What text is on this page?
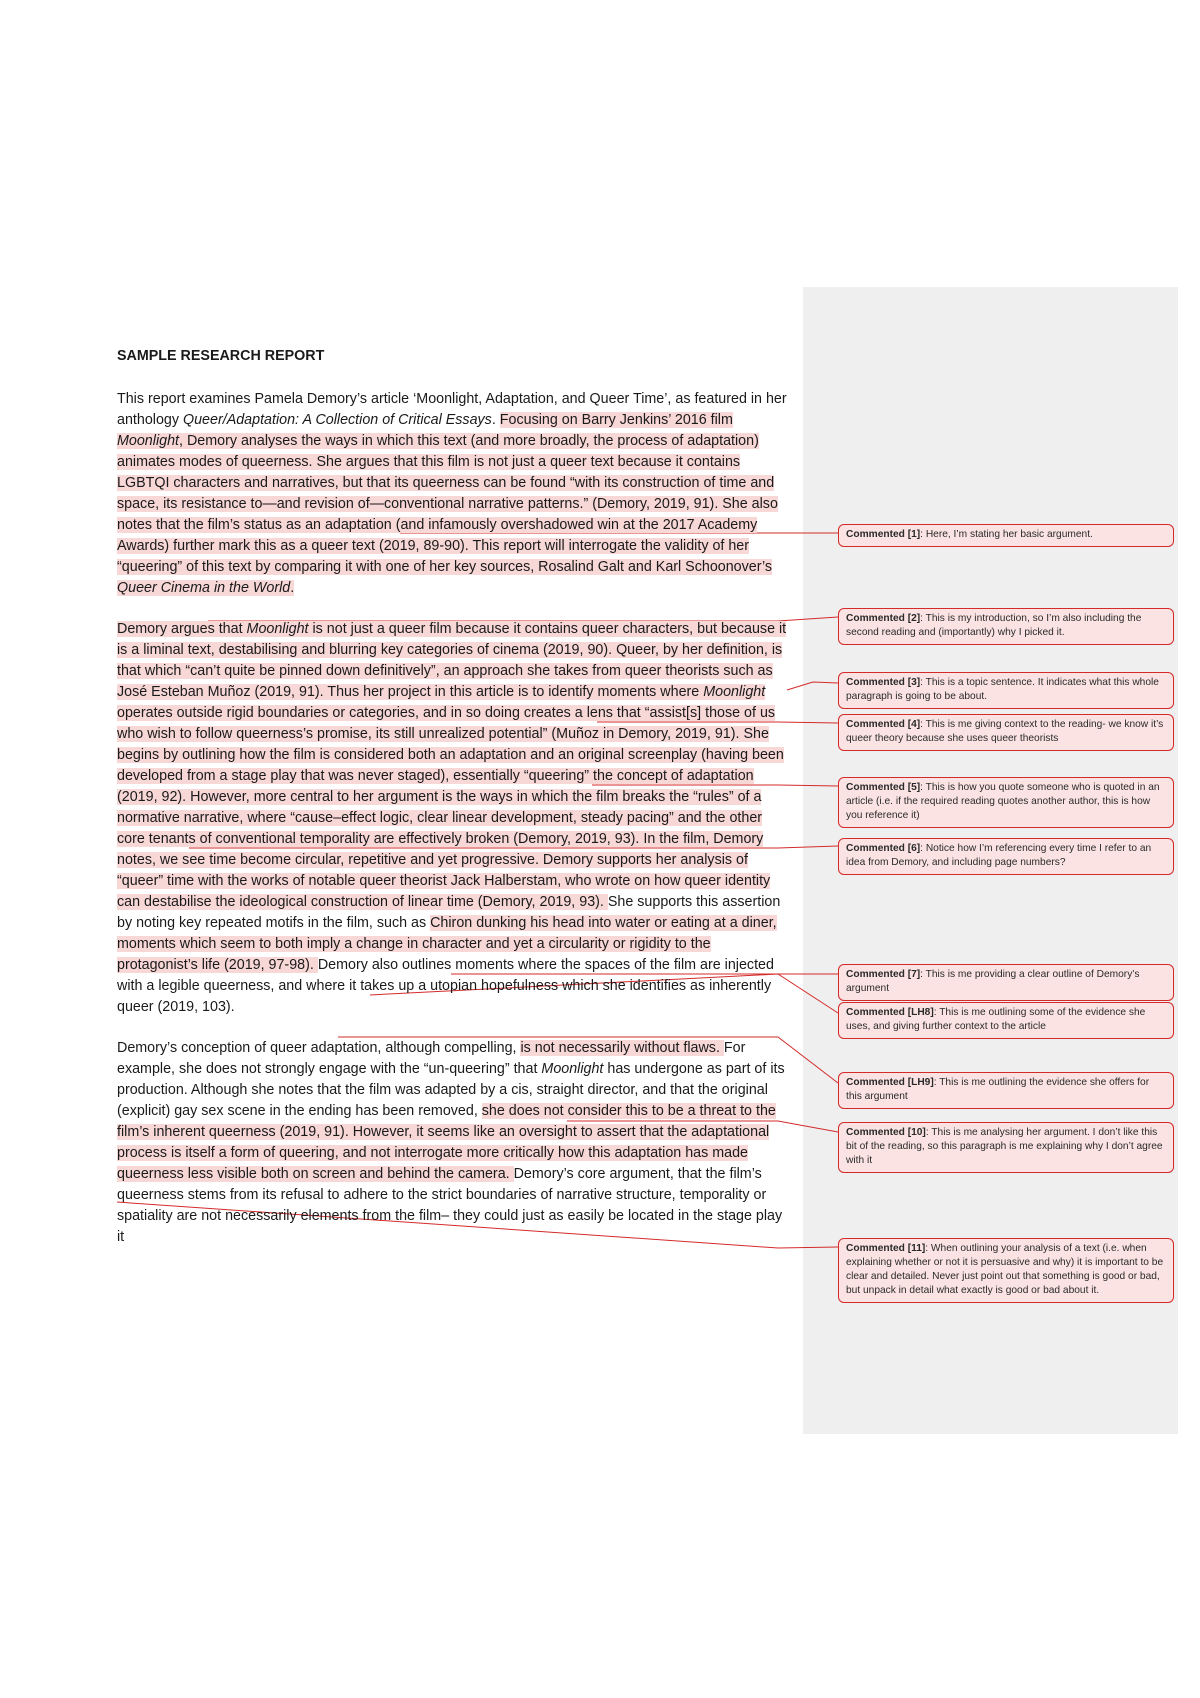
SAMPLE RESEARCH REPORT

This report examines Pamela Demory’s article ‘Moonlight, Adaptation, and Queer Time’, as featured in her anthology Queer/Adaptation: A Collection of Critical Essays. Focusing on Barry Jenkins’ 2016 film Moonlight, Demory analyses the ways in which this text (and more broadly, the process of adaptation) animates modes of queerness. She argues that this film is not just a queer text because it contains LGBTQI characters and narratives, but that its queerness can be found “with its construction of time and space, its resistance to—and revision of—conventional narrative patterns.” (Demory, 2019, 91). She also notes that the film’s status as an adaptation (and infamously overshadowed win at the 2017 Academy Awards) further mark this as a queer text (2019, 89-90). This report will interrogate the validity of her “queering” of this text by comparing it with one of her key sources, Rosalind Galt and Karl Schoonover’s Queer Cinema in the World.

Demory argues that Moonlight is not just a queer film because it contains queer characters, but because it is a liminal text, destabilising and blurring key categories of cinema (2019, 90). Queer, by her definition, is that which “can’t quite be pinned down definitively”, an approach she takes from queer theorists such as José Esteban Muñoz (2019, 91). Thus her project in this article is to identify moments where Moonlight operates outside rigid boundaries or categories, and in so doing creates a lens that “assist[s] those of us who wish to follow queerness’s promise, its still unrealized potential” (Muñoz in Demory, 2019, 91). She begins by outlining how the film is considered both an adaptation and an original screenplay (having been developed from a stage play that was never staged), essentially “queering” the concept of adaptation (2019, 92). However, more central to her argument is the ways in which the film breaks the “rules” of a normative narrative, where “cause–effect logic, clear linear development, steady pacing” and the other core tenants of conventional temporality are effectively broken (Demory, 2019, 93). In the film, Demory notes, we see time become circular, repetitive and yet progressive. Demory supports her analysis of “queer” time with the works of notable queer theorist Jack Halberstam, who wrote on how queer identity can destabilise the ideological construction of linear time (Demory, 2019, 93). She supports this assertion by noting key repeated motifs in the film, such as Chiron dunking his head into water or eating at a diner, moments which seem to both imply a change in character and yet a circularity or rigidity to the protagonist’s life (2019, 97-98). Demory also outlines moments where the spaces of the film are injected with a legible queerness, and where it takes up a utopian hopefulness which she identifies as inherently queer (2019, 103).

Demory’s conception of queer adaptation, although compelling, is not necessarily without flaws. For example, she does not strongly engage with the “un-queering” that Moonlight has undergone as part of its production. Although she notes that the film was adapted by a cis, straight director, and that the original (explicit) gay sex scene in the ending has been removed, she does not consider this to be a threat to the film’s inherent queerness (2019, 91). However, it seems like an oversight to assert that the adaptational process is itself a form of queering, and not interrogate more critically how this adaptation has made queerness less visible both on screen and behind the camera. Demory’s core argument, that the film’s queerness stems from its refusal to adhere to the strict boundaries of narrative structure, temporality or spatiality are not necessarily elements from the film– they could just as easily be located in the stage play it

Commented [1]: Here, I’m stating her basic argument.
Commented [2]: This is my introduction, so I’m also including the second reading and (importantly) why I picked it.
Commented [3]: This is a topic sentence. It indicates what this whole paragraph is going to be about.
Commented [4]: This is me giving context to the reading- we know it’s queer theory because she uses queer theorists
Commented [5]: This is how you quote someone who is quoted in an article (i.e. if the required reading quotes another author, this is how you reference it)
Commented [6]: Notice how I’m referencing every time I refer to an idea from Demory, and including page numbers?
Commented [7]: This is me providing a clear outline of Demory’s argument
Commented [LH8]: This is me outlining some of the evidence she uses, and giving further context to the article
Commented [LH9]: This is me outlining the evidence she offers for this argument
Commented [10]: This is me analysing her argument. I don’t like this bit of the reading, so this paragraph is me explaining why I don’t agree with it
Commented [11]: When outlining your analysis of a text (i.e. when explaining whether or not it is persuasive and why) it is important to be clear and detailed. Never just point out that something is good or bad, but unpack in detail what exactly is good or bad about it.
